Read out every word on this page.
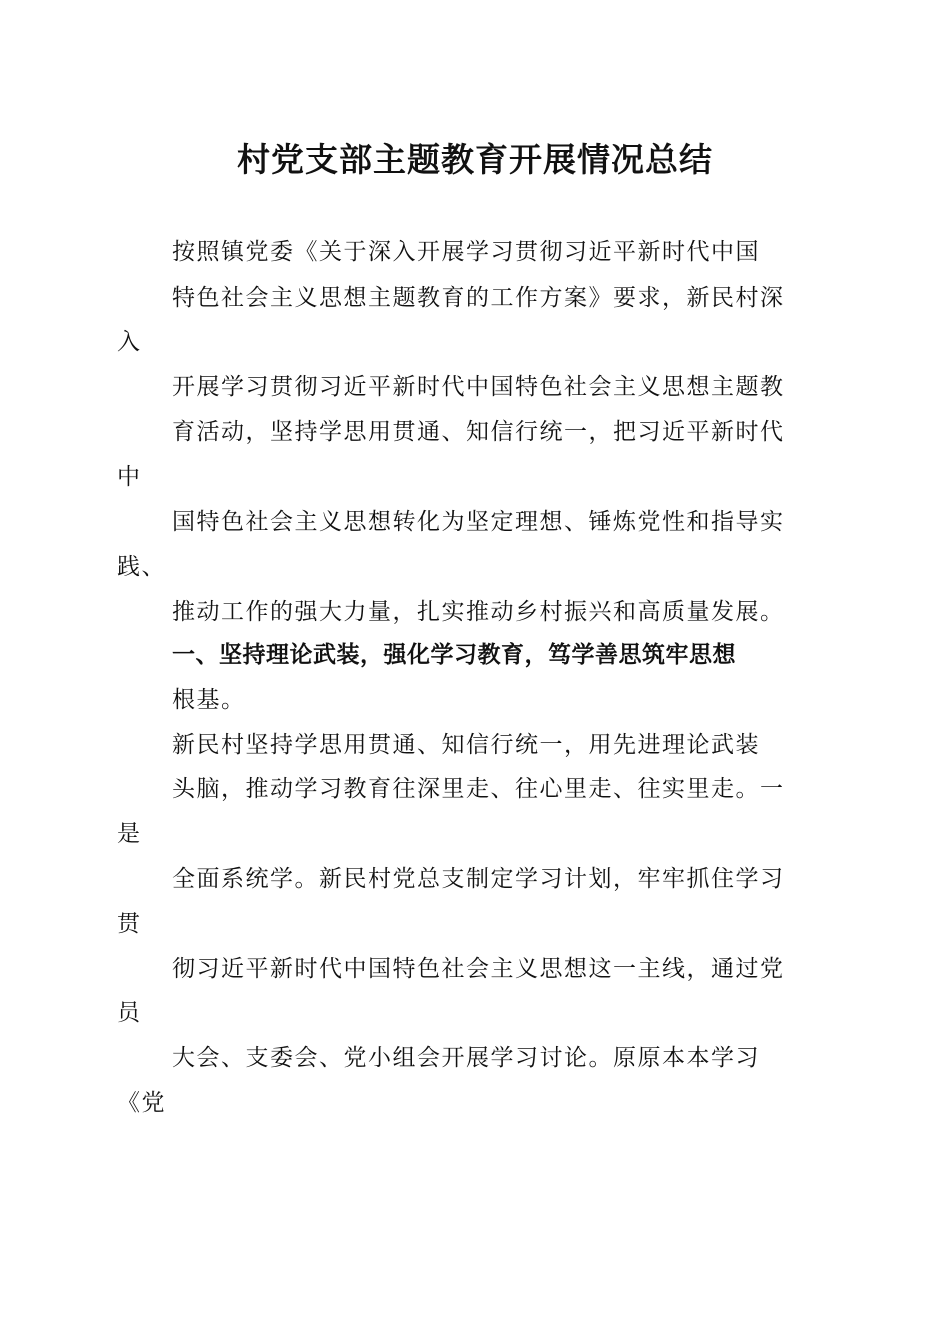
村党支部主题教育开展情况总结
按照镇党委《关于深入开展学习贯彻习近平新时代中国
特色社会主义思想主题教育的工作方案》要求，新民村深
入
开展学习贯彻习近平新时代中国特色社会主义思想主题教
育活动，坚持学思用贯通、知信行统一，把习近平新时代
中
国特色社会主义思想转化为坚定理想、锤炼党性和指导实
践、
推动工作的强大力量，扎实推动乡村振兴和高质量发展。
一、坚持理论武装，强化学习教育，笃学善思筑牢思想
根基。
新民村坚持学思用贯通、知信行统一，用先进理论武装
头脑，推动学习教育往深里走、往心里走、往实里走。一
是
全面系统学。新民村党总支制定学习计划，牢牢抓住学习
贯
彻习近平新时代中国特色社会主义思想这一主线，通过党
员
大会、支委会、党小组会开展学习讨论。原原本本学习
《党
